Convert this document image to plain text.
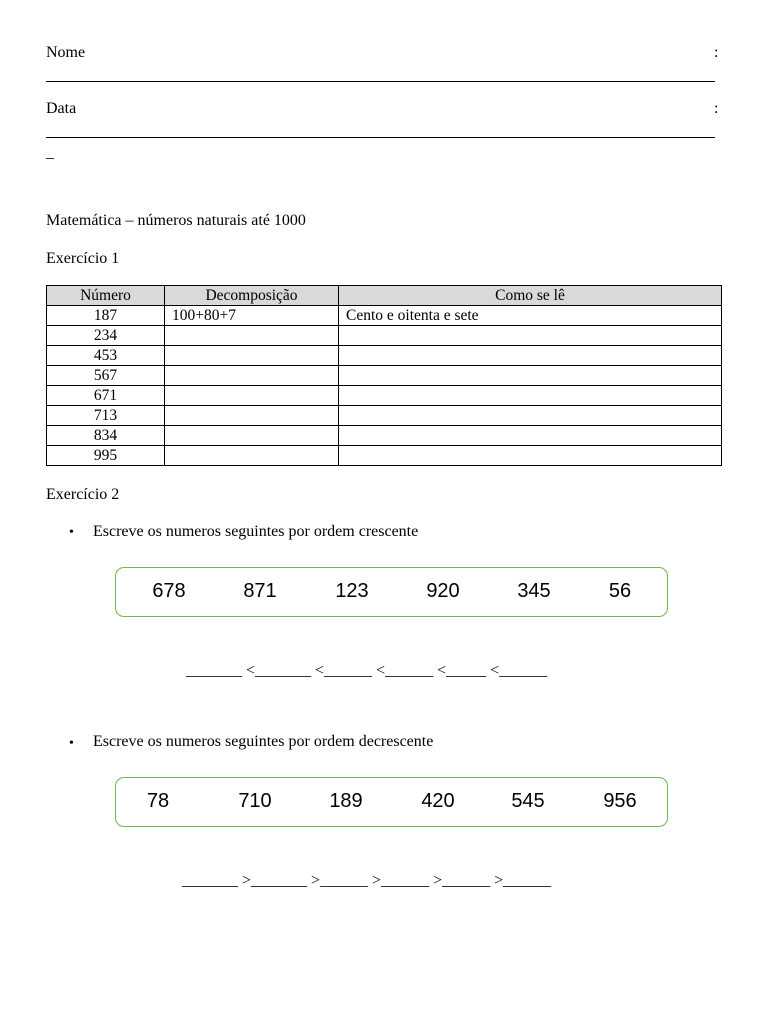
Nome	:
Data	:
_
Matemática – números naturais até 1000
Exercício 1
Número	Decomposição	Como se lê
187	100+80+7	Cento e oitenta e sete
234		
453		
567		
671		
713		
834		
995		
Exercício 2
• Escreve os numeros seguintes por ordem crescente
678	871	123	920	345	56
_______ <_______ <______ <______ <_____ <______
• Escreve os numeros seguintes por ordem decrescente
78	710	189	420	545	956
_______ >_______ >______ >______ >______ >______
